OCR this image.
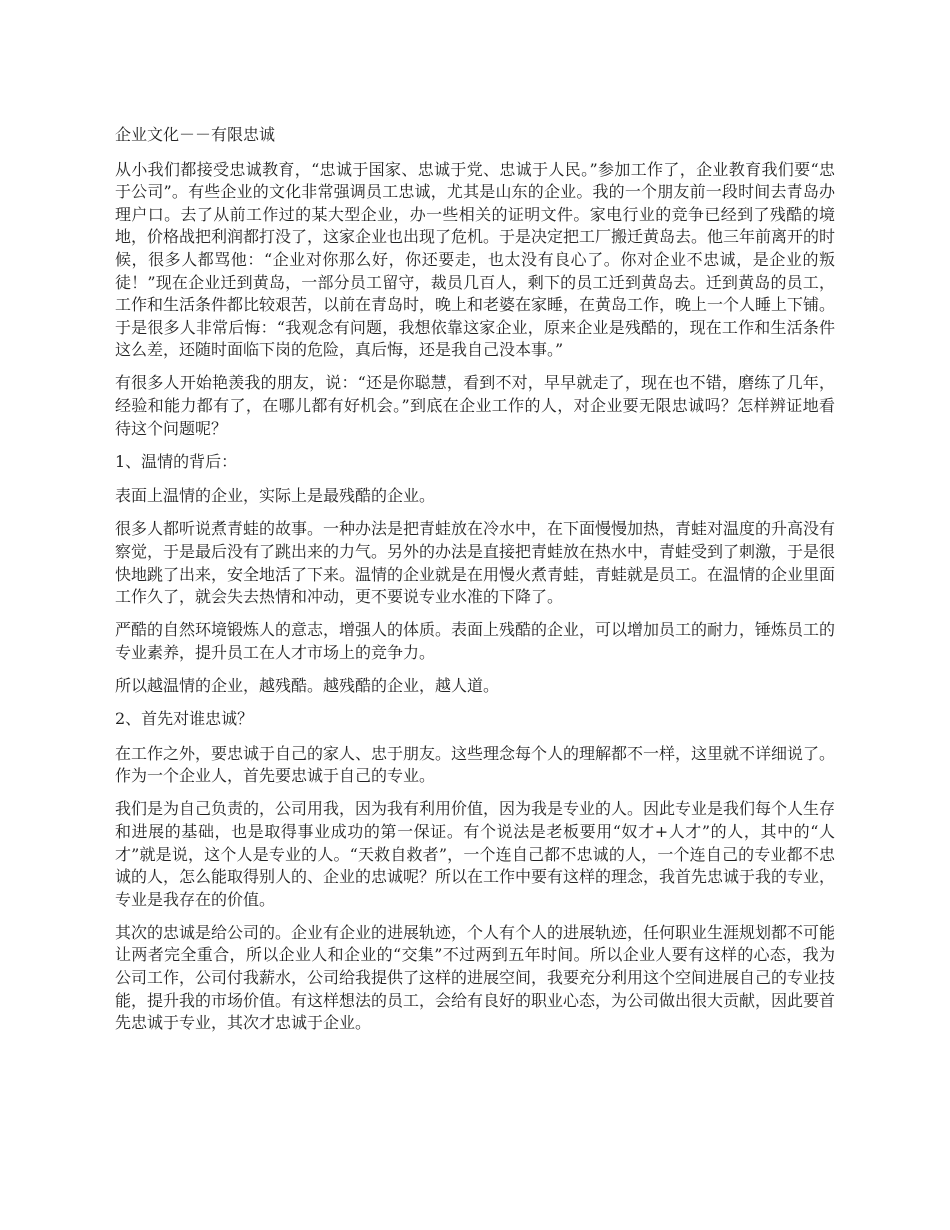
企业文化－－有限忠诚

从小我们都接受忠诚教育，“忠诚于国家、忠诚于党、忠诚于人民。”参加工作了，企业教育我们要“忠于公司”。有些企业的文化非常强调员工忠诚，尤其是山东的企业。我的一个朋友前一段时间去青岛办理户口。去了从前工作过的某大型企业，办一些相关的证明文件。家电行业的竞争已经到了残酷的境地，价格战把利润都打没了，这家企业也出现了危机。于是决定把工厂搬迁黄岛去。他三年前离开的时候，很多人都骂他：“企业对你那么好，你还要走，也太没有良心了。你对企业不忠诚，是企业的叛徒！”现在企业迁到黄岛，一部分员工留守，裁员几百人，剩下的员工迁到黄岛去。迁到黄岛的员工，工作和生活条件都比较艰苦，以前在青岛时，晚上和老婆在家睡，在黄岛工作，晚上一个人睡上下铺。于是很多人非常后悔：“我观念有问题，我想依靠这家企业，原来企业是残酷的，现在工作和生活条件这么差，还随时面临下岗的危险，真后悔，还是我自己没本事。”

有很多人开始艳羡我的朋友，说：“还是你聪慧，看到不对，早早就走了，现在也不错，磨练了几年，经验和能力都有了，在哪儿都有好机会。”到底在企业工作的人，对企业要无限忠诚吗？怎样辨证地看待这个问题呢？

1、温情的背后：

表面上温情的企业，实际上是最残酷的企业。

很多人都听说煮青蛙的故事。一种办法是把青蛙放在冷水中，在下面慢慢加热，青蛙对温度的升高没有察觉，于是最后没有了跳出来的力气。另外的办法是直接把青蛙放在热水中，青蛙受到了刺激，于是很快地跳了出来，安全地活了下来。温情的企业就是在用慢火煮青蛙，青蛙就是员工。在温情的企业里面工作久了，就会失去热情和冲动，更不要说专业水准的下降了。

严酷的自然环境锻炼人的意志，增强人的体质。表面上残酷的企业，可以增加员工的耐力，锤炼员工的专业素养，提升员工在人才市场上的竞争力。

所以越温情的企业，越残酷。越残酷的企业，越人道。

2、首先对谁忠诚？

在工作之外，要忠诚于自己的家人、忠于朋友。这些理念每个人的理解都不一样，这里就不详细说了。作为一个企业人，首先要忠诚于自己的专业。

我们是为自己负责的，公司用我，因为我有利用价值，因为我是专业的人。因此专业是我们每个人生存和进展的基础，也是取得事业成功的第一保证。有个说法是老板要用“奴才+人才”的人，其中的“人才”就是说，这个人是专业的人。“天救自救者”，一个连自己都不忠诚的人，一个连自己的专业都不忠诚的人，怎么能取得别人的、企业的忠诚呢？所以在工作中要有这样的理念，我首先忠诚于我的专业，专业是我存在的价值。

其次的忠诚是给公司的。企业有企业的进展轨迹，个人有个人的进展轨迹，任何职业生涯规划都不可能让两者完全重合，所以企业人和企业的“交集”不过两到五年时间。所以企业人要有这样的心态，我为公司工作，公司付我薪水，公司给我提供了这样的进展空间，我要充分利用这个空间进展自己的专业技能，提升我的市场价值。有这样想法的员工，会给有良好的职业心态，为公司做出很大贡献，因此要首先忠诚于专业，其次才忠诚于企业。
